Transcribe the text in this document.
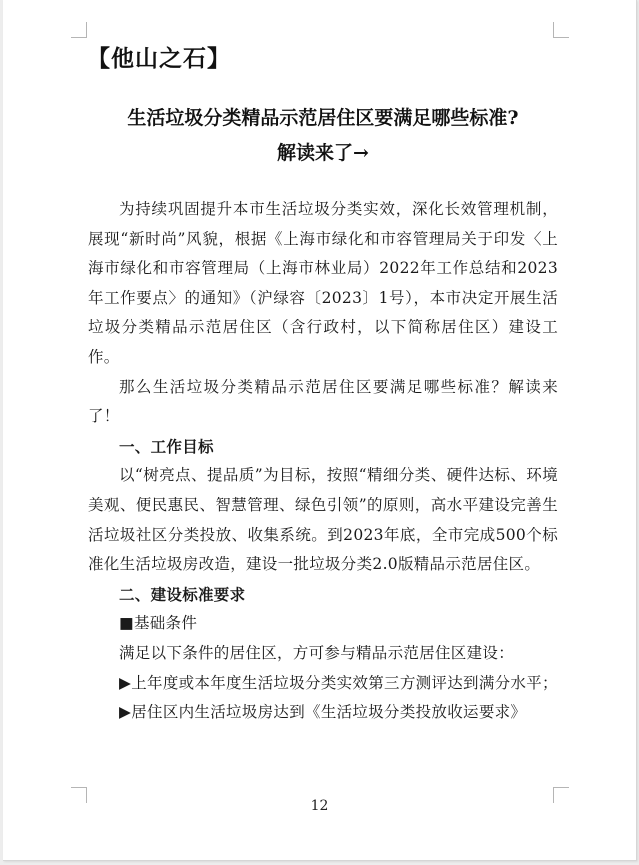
【他山之石】
生活垃圾分类精品示范居住区要满足哪些标准?
解读来了→

为持续巩固提升本市生活垃圾分类实效，深化长效管理机制，展现“新时尚”风貌，根据《上海市绿化和市容管理局关于印发〈上海市绿化和市容管理局（上海市林业局）2022年工作总结和2023年工作要点〉的通知》（沪绿容〔2023〕1号），本市决定开展生活垃圾分类精品示范居住区（含行政村，以下简称居住区）建设工作。

那么生活垃圾分类精品示范居住区要满足哪些标准？解读来了！

一、工作目标

以“树亮点、提品质”为目标，按照“精细分类、硬件达标、环境美观、便民惠民、智慧管理、绿色引领”的原则，高水平建设完善生活垃圾社区分类投放、收集系统。到2023年底，全市完成500个标准化生活垃圾房改造，建设一批垃圾分类2.0版精品示范居住区。

二、建设标准要求

■基础条件

满足以下条件的居住区，方可参与精品示范居住区建设：

▶上年度或本年度生活垃圾分类实效第三方测评达到满分水平；

▶居住区内生活垃圾房达到《生活垃圾分类投放收运要求》

12
